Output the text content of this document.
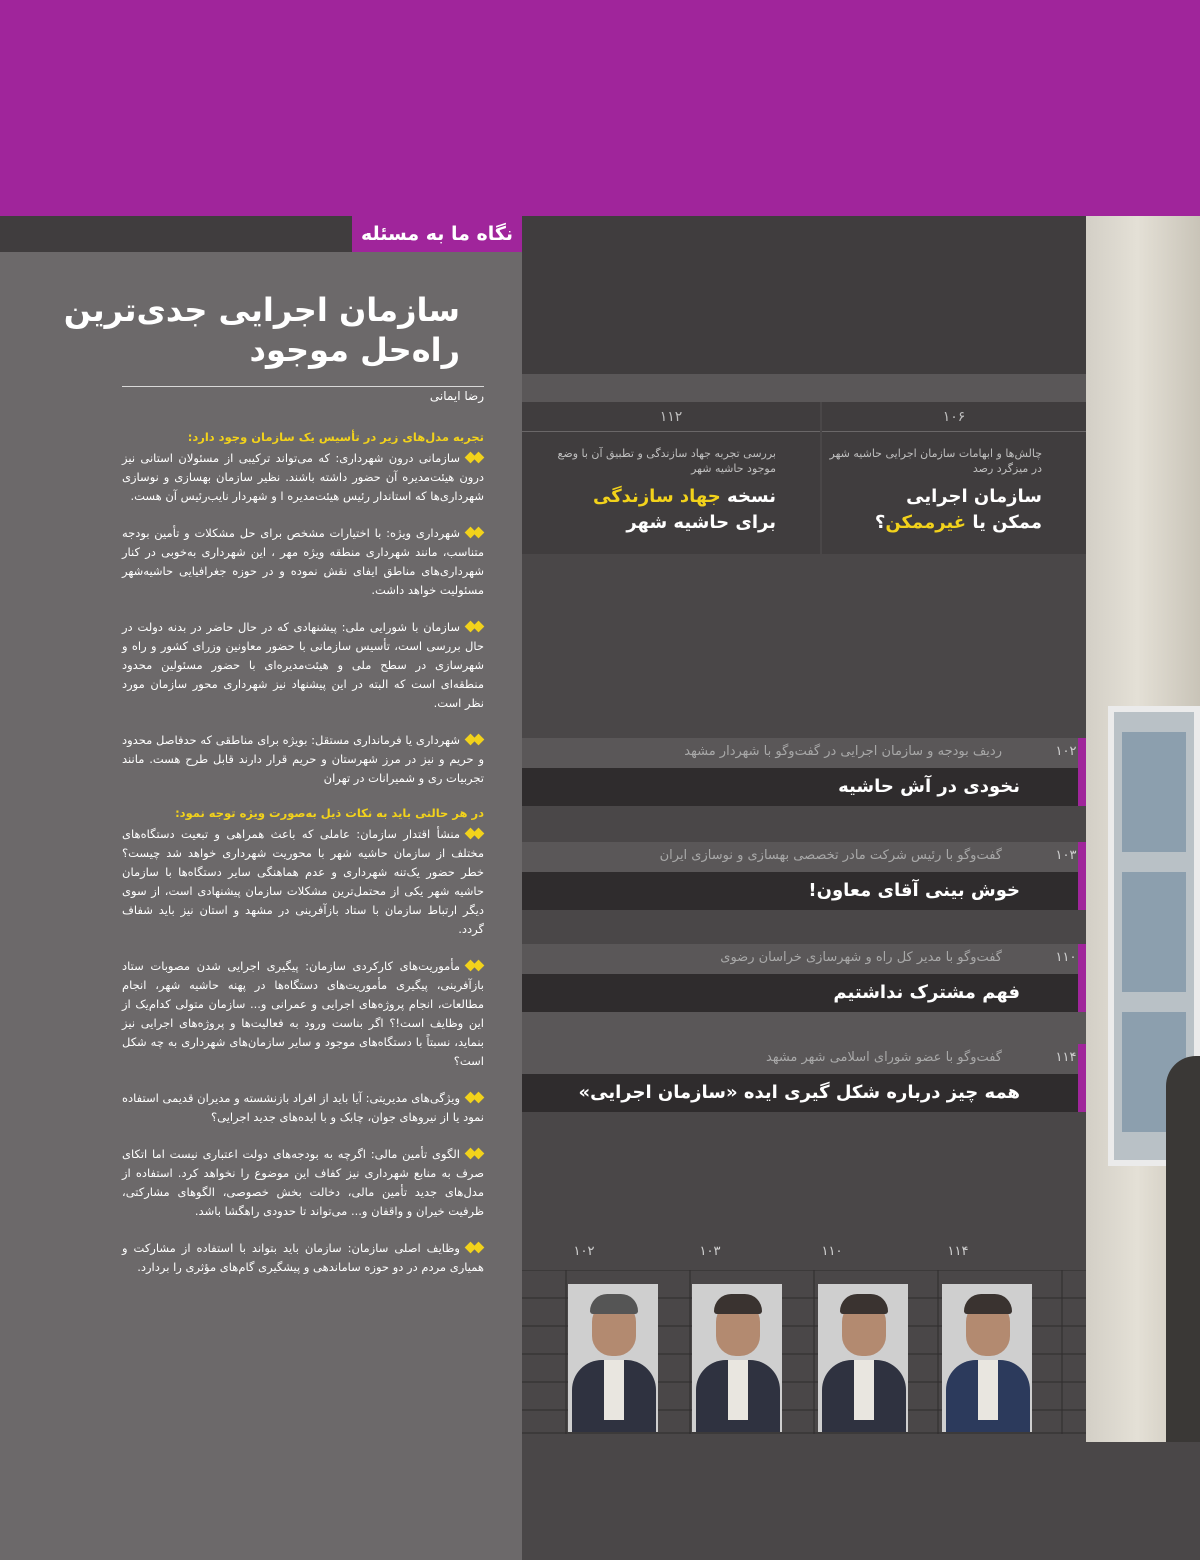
نگاه ما به مسئله
سازمان اجرایی جدی‌ترین
راه‌حل موجود
رضا ایمانی
تجربه مدل‌های زیر در تأسیس یک سازمان وجود دارد:
سازمانی درون شهرداری: که می‌تواند ترکیبی از مسئولان استانی نیز درون هیئت‌مدیره آن حضور داشته باشند. نظیر سازمان بهسازی و نوسازی شهرداری‌ها که استاندار رئیس هیئت‌مدیره ا و شهردار نایب‌رئیس آن هست.
شهرداری ویژه: با اختیارات مشخص برای حل مشکلات و تأمین بودجه متناسب، مانند شهرداری منطقه ویژه مهر ، این شهرداری به‌خوبی در کنار شهرداری‌های مناطق ایفای نقش نموده و در حوزه جغرافیایی حاشیه‌شهر مسئولیت خواهد داشت.
سازمان با شورایی ملی: پیشنهادی که در حال حاضر در بدنه دولت در حال بررسی است، تأسیس سازمانی با حضور معاونین وزرای کشور و راه و شهرسازی در سطح ملی و هیئت‌مدیره‌ای با حضور مسئولین محدود منطقه‌ای است که البته در این پیشنهاد نیز شهرداری محور سازمان مورد نظر است.
شهرداری یا فرمانداری مستقل: بویژه برای مناطقی که حدفاصل محدود و حریم و نیز در مرز شهرستان و حریم قرار دارند قابل طرح هست. مانند تجربیات ری و شمیرانات در تهران
در هر حالتی باید به نکات ذیل به‌صورت ویژه توجه نمود:
منشأ اقتدار سازمان: عاملی که باعث همراهی و تبعیت دستگاه‌های مختلف از سازمان حاشیه شهر با محوریت شهرداری خواهد شد چیست؟ خطر حضور یک‌تنه شهرداری و عدم هماهنگی سایر دستگاه‌ها با سازمان حاشیه شهر یکی از محتمل‌ترین مشکلات سازمان پیشنهادی است، از سوی دیگر ارتباط سازمان با ستاد بازآفرینی در مشهد و استان نیز باید شفاف گردد.
مأموریت‌های کارکردی سازمان: پیگیری اجرایی شدن مصوبات ستاد بازآفرینی، پیگیری مأموریت‌های دستگاه‌ها در پهنه حاشیه شهر، انجام مطالعات، انجام پروژه‌های اجرایی و عمرانی و... سازمان متولی کدام‌یک از این وظایف است!؟ اگر بناست ورود به فعالیت‌ها و پروژه‌های اجرایی نیز بنماید، نسبتاً با دستگاه‌های موجود و سایر سازمان‌های شهرداری به چه شکل است؟
ویژگی‌های مدیریتی: آیا باید از افراد بازنشسته و مدیران قدیمی استفاده نمود یا از نیروهای جوان، چابک و با ایده‌های جدید اجرایی؟
الگوی تأمین مالی: اگرچه به بودجه‌های دولت اعتباری نیست اما اتکای صرف به منابع شهرداری نیز کفاف این موضوع را نخواهد کرد. استفاده از مدل‌های جدید تأمین مالی، دخالت بخش خصوصی، الگوهای مشارکتی، ظرفیت خیران و واقفان و... می‌تواند تا حدودی راهگشا باشد.
وظایف اصلی سازمان: سازمان باید بتواند با استفاده از مشارکت و همیاری مردم در دو حوزه ساماندهی و پیشگیری گام‌های مؤثری را بردارد.
۱۰۶
چالش‌ها و ابهامات سازمان اجرایی حاشیه شهر در میزگرد رصد
سازمان اجرایی
ممکن یا غیرممکن؟
۱۱۲
بررسی تجربه جهاد سازندگی و تطبیق آن با وضع موجود حاشیه شهر
نسخه جهاد سازندگی
برای حاشیه شهر
ردیف بودجه و سازمان اجرایی در گفت‌وگو با شهردار مشهد	۱۰۲
نخودی در آش حاشیه
گفت‌وگو با رئیس شرکت مادر تخصصی بهسازی و نوسازی ایران	۱۰۳
خوش بینی آقای معاون!
گفت‌وگو با مدیر کل راه و شهرسازی خراسان رضوی	۱۱۰
فهم مشترک نداشتیم
گفت‌وگو با عضو شورای اسلامی شهر مشهد	۱۱۴
همه چیز درباره شکل گیری ایده «سازمان اجرایی»
۱۰۲	۱۰۳	۱۱۰	۱۱۴
